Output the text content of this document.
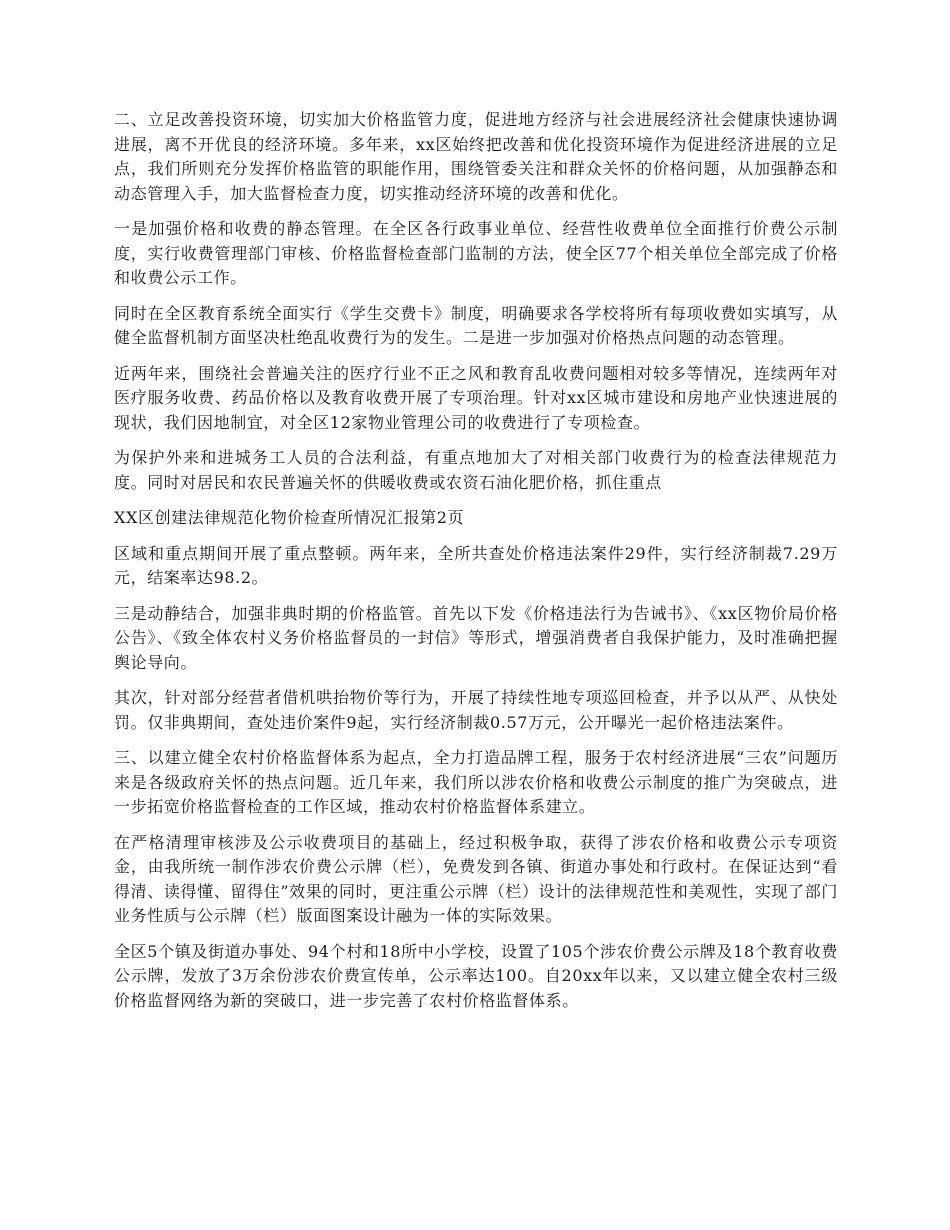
二、立足改善投资环境，切实加大价格监管力度，促进地方经济与社会进展经济社会健康快速协调进展，离不开优良的经济环境。多年来，xx区始终把改善和优化投资环境作为促进经济进展的立足点，我们所则充分发挥价格监管的职能作用，围绕管委关注和群众关怀的价格问题，从加强静态和动态管理入手，加大监督检查力度，切实推动经济环境的改善和优化。

一是加强价格和收费的静态管理。在全区各行政事业单位、经营性收费单位全面推行价费公示制度，实行收费管理部门审核、价格监督检查部门监制的方法，使全区77个相关单位全部完成了价格和收费公示工作。

同时在全区教育系统全面实行《学生交费卡》制度，明确要求各学校将所有每项收费如实填写，从健全监督机制方面坚决杜绝乱收费行为的发生。二是进一步加强对价格热点问题的动态管理。

近两年来，围绕社会普遍关注的医疗行业不正之风和教育乱收费问题相对较多等情况，连续两年对医疗服务收费、药品价格以及教育收费开展了专项治理。针对xx区城市建设和房地产业快速进展的现状，我们因地制宜，对全区12家物业管理公司的收费进行了专项检查。

为保护外来和进城务工人员的合法利益，有重点地加大了对相关部门收费行为的检查法律规范力度。同时对居民和农民普遍关怀的供暖收费或农资石油化肥价格，抓住重点

XX区创建法律规范化物价检查所情况汇报第2页

区域和重点期间开展了重点整顿。两年来，全所共查处价格违法案件29件，实行经济制裁7.29万元，结案率达98.2。

三是动静结合，加强非典时期的价格监管。首先以下发《价格违法行为告诫书》、《xx区物价局价格公告》、《致全体农村义务价格监督员的一封信》等形式，增强消费者自我保护能力，及时准确把握舆论导向。

其次，针对部分经营者借机哄抬物价等行为，开展了持续性地专项巡回检查，并予以从严、从快处罚。仅非典期间，查处违价案件9起，实行经济制裁0.57万元，公开曝光一起价格违法案件。

三、以建立健全农村价格监督体系为起点，全力打造品牌工程，服务于农村经济进展“三农”问题历来是各级政府关怀的热点问题。近几年来，我们所以涉农价格和收费公示制度的推广为突破点，进一步拓宽价格监督检查的工作区域，推动农村价格监督体系建立。

在严格清理审核涉及公示收费项目的基础上，经过积极争取，获得了涉农价格和收费公示专项资金，由我所统一制作涉农价费公示牌（栏），免费发到各镇、街道办事处和行政村。在保证达到“看得清、读得懂、留得住”效果的同时，更注重公示牌（栏）设计的法律规范性和美观性，实现了部门业务性质与公示牌（栏）版面图案设计融为一体的实际效果。

全区5个镇及街道办事处、94个村和18所中小学校，设置了105个涉农价费公示牌及18个教育收费公示牌，发放了3万余份涉农价费宣传单，公示率达100。自20xx年以来，又以建立健全农村三级价格监督网络为新的突破口，进一步完善了农村价格监督体系。
